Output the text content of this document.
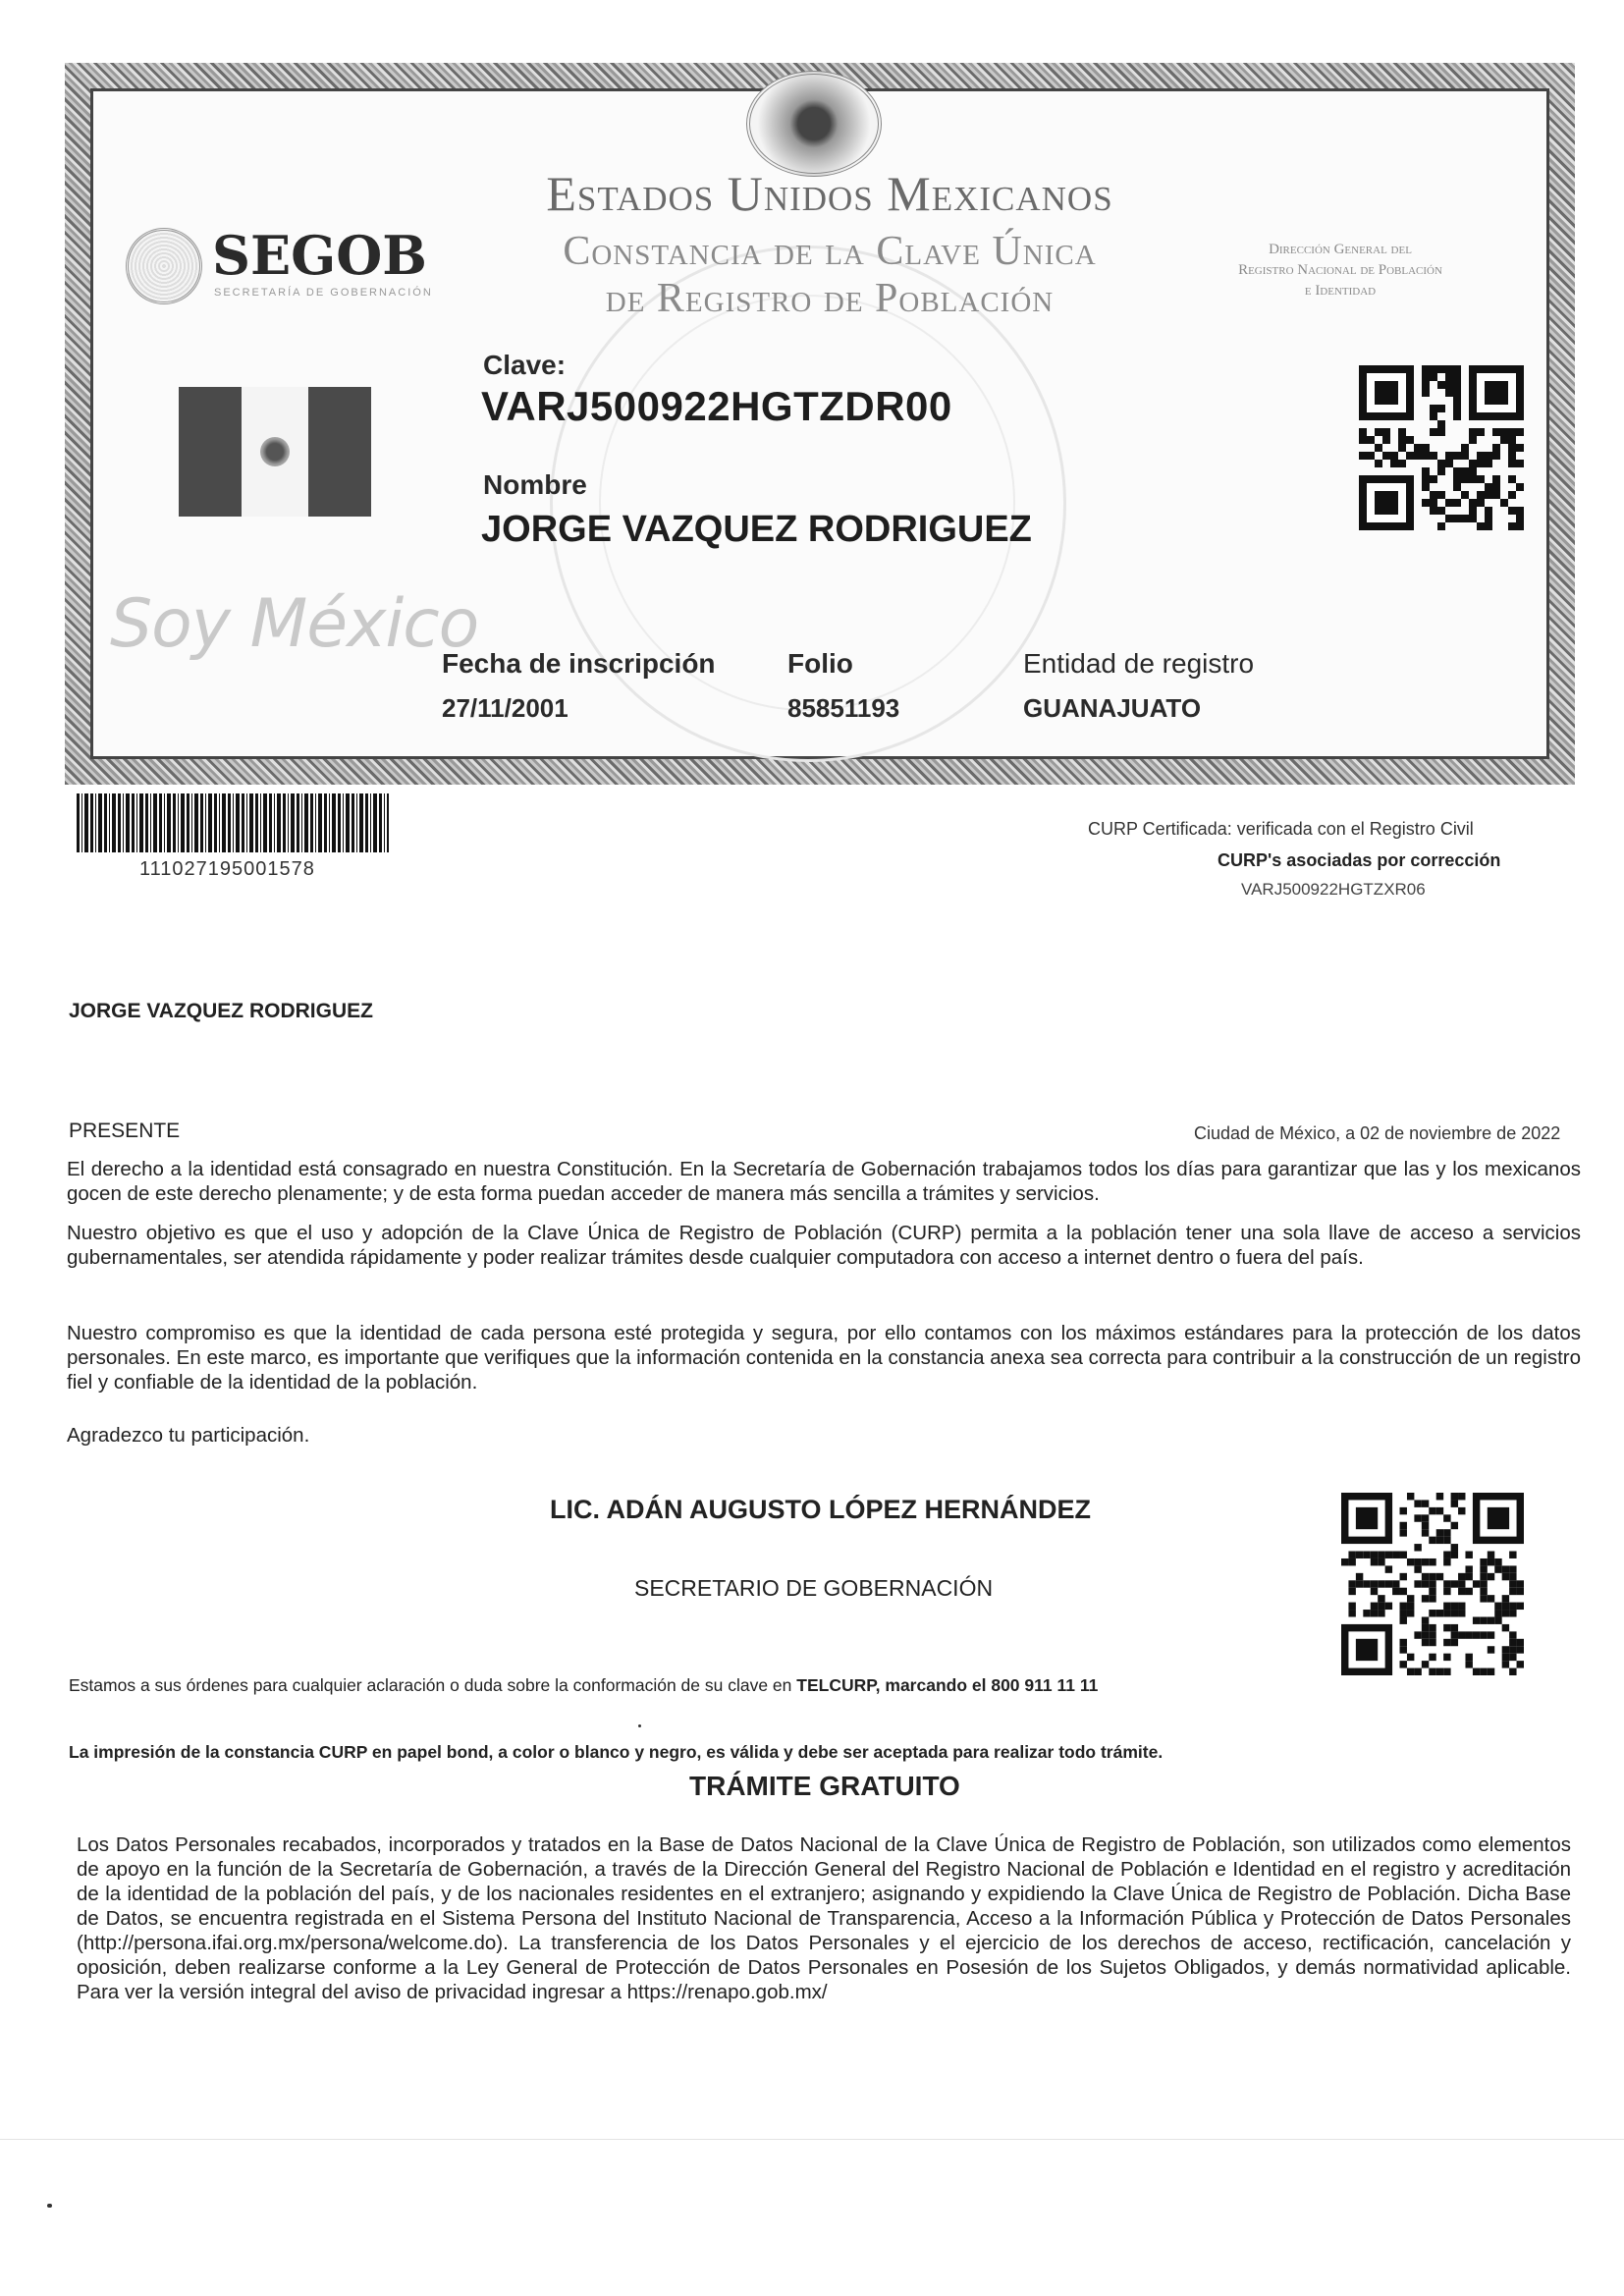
Estados Unidos Mexicanos
Constancia de la Clave Única
de Registro de Población
SEGOB
SECRETARÍA DE GOBERNACIÓN
Dirección General del
Registro Nacional de Población
e Identidad
Clave:
VARJ500922HGTZDR00
Nombre
JORGE VAZQUEZ RODRIGUEZ
Soy México
Fecha de inscripción
27/11/2001
Folio
85851193
Entidad de registro
GUANAJUATO
111027195001578
CURP Certificada: verificada con el Registro Civil
CURP's asociadas por corrección
VARJ500922HGTZXR06
JORGE VAZQUEZ RODRIGUEZ
PRESENTE	Ciudad de México, a 02 de noviembre de 2022
El derecho a la identidad está consagrado en nuestra Constitución. En la Secretaría de Gobernación trabajamos todos los días para garantizar que las y los mexicanos gocen de este derecho plenamente; y de esta forma puedan acceder de manera más sencilla a trámites y servicios.
Nuestro objetivo es que el uso y adopción de la Clave Única de Registro de Población (CURP) permita a la población tener una sola llave de acceso a servicios gubernamentales, ser atendida rápidamente y poder realizar trámites desde cualquier computadora con acceso a internet dentro o fuera del país.
Nuestro compromiso es que la identidad de cada persona esté protegida y segura, por ello contamos con los máximos estándares para la protección de los datos personales. En este marco, es importante que verifiques que la información contenida en la constancia anexa sea correcta para contribuir a la construcción de un registro fiel y confiable de la identidad de la población.
Agradezco tu participación.
LIC. ADÁN AUGUSTO LÓPEZ HERNÁNDEZ
SECRETARIO DE GOBERNACIÓN
Estamos a sus órdenes para cualquier aclaración o duda sobre la conformación de su clave en TELCURP, marcando el 800 911 11 11
La impresión de la constancia CURP en papel bond, a color o blanco y negro, es válida y debe ser aceptada para realizar todo trámite.
TRÁMITE GRATUITO
Los Datos Personales recabados, incorporados y tratados en la Base de Datos Nacional de la Clave Única de Registro de Población, son utilizados como elementos de apoyo en la función de la Secretaría de Gobernación, a través de la Dirección General del Registro Nacional de Población e Identidad en el registro y acreditación de la identidad de la población del país, y de los nacionales residentes en el extranjero; asignando y expidiendo la Clave Única de Registro de Población. Dicha Base de Datos, se encuentra registrada en el Sistema Persona del Instituto Nacional de Transparencia, Acceso a la Información Pública y Protección de Datos Personales (http://persona.ifai.org.mx/persona/welcome.do). La transferencia de los Datos Personales y el ejercicio de los derechos de acceso, rectificación, cancelación y oposición, deben realizarse conforme a la Ley General de Protección de Datos Personales en Posesión de los Sujetos Obligados, y demás normatividad aplicable. Para ver la versión integral del aviso de privacidad ingresar a https://renapo.gob.mx/
